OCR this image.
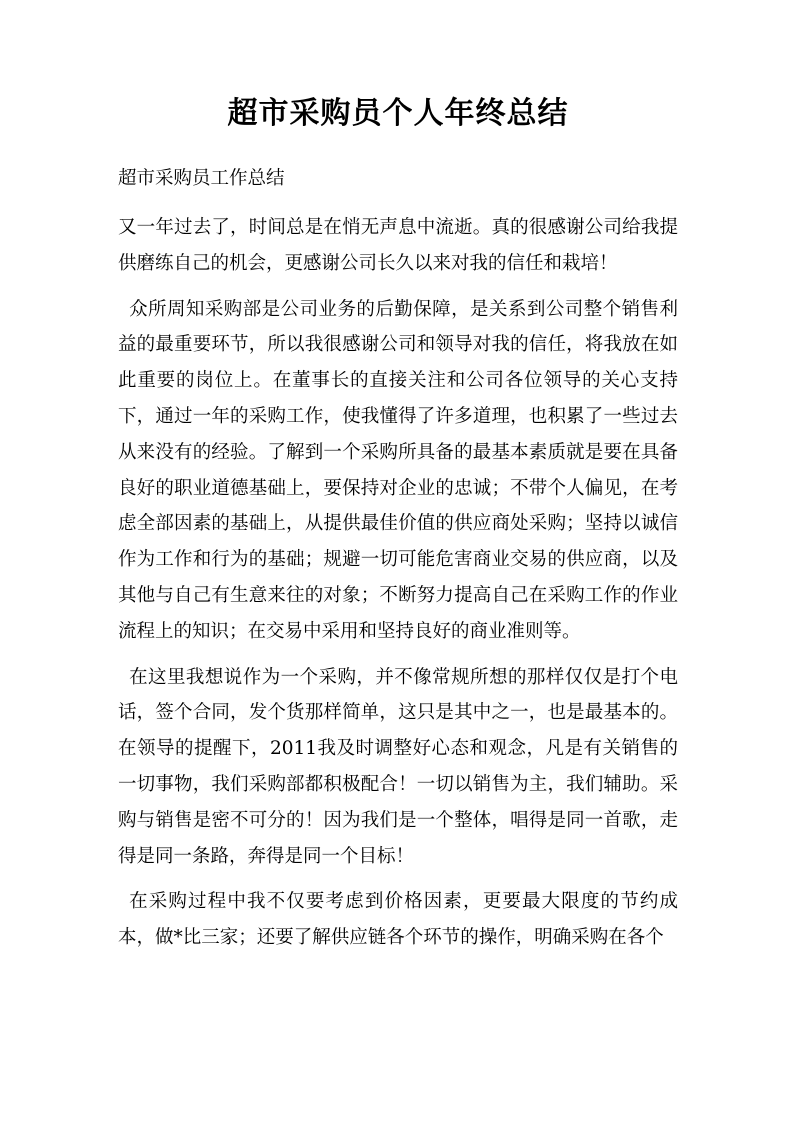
超市采购员个人年终总结

超市采购员工作总结

又一年过去了，时间总是在悄无声息中流逝。真的很感谢公司给我提供磨练自己的机会，更感谢公司长久以来对我的信任和栽培！

众所周知采购部是公司业务的后勤保障，是关系到公司整个销售利益的最重要环节，所以我很感谢公司和领导对我的信任，将我放在如此重要的岗位上。在董事长的直接关注和公司各位领导的关心支持下，通过一年的采购工作，使我懂得了许多道理，也积累了一些过去从来没有的经验。了解到一个采购所具备的最基本素质就是要在具备良好的职业道德基础上，要保持对企业的忠诚；不带个人偏见，在考虑全部因素的基础上，从提供最佳价值的供应商处采购；坚持以诚信作为工作和行为的基础；规避一切可能危害商业交易的供应商，以及其他与自己有生意来往的对象；不断努力提高自己在采购工作的作业流程上的知识；在交易中采用和坚持良好的商业准则等。

在这里我想说作为一个采购，并不像常规所想的那样仅仅是打个电话，签个合同，发个货那样简单，这只是其中之一，也是最基本的。在领导的提醒下，2011我及时调整好心态和观念，凡是有关销售的一切事物，我们采购部都积极配合！一切以销售为主，我们辅助。采购与销售是密不可分的！因为我们是一个整体，唱得是同一首歌，走得是同一条路，奔得是同一个目标！

在采购过程中我不仅要考虑到价格因素，更要最大限度的节约成本，做*比三家；还要了解供应链各个环节的操作，明确采购在各个
